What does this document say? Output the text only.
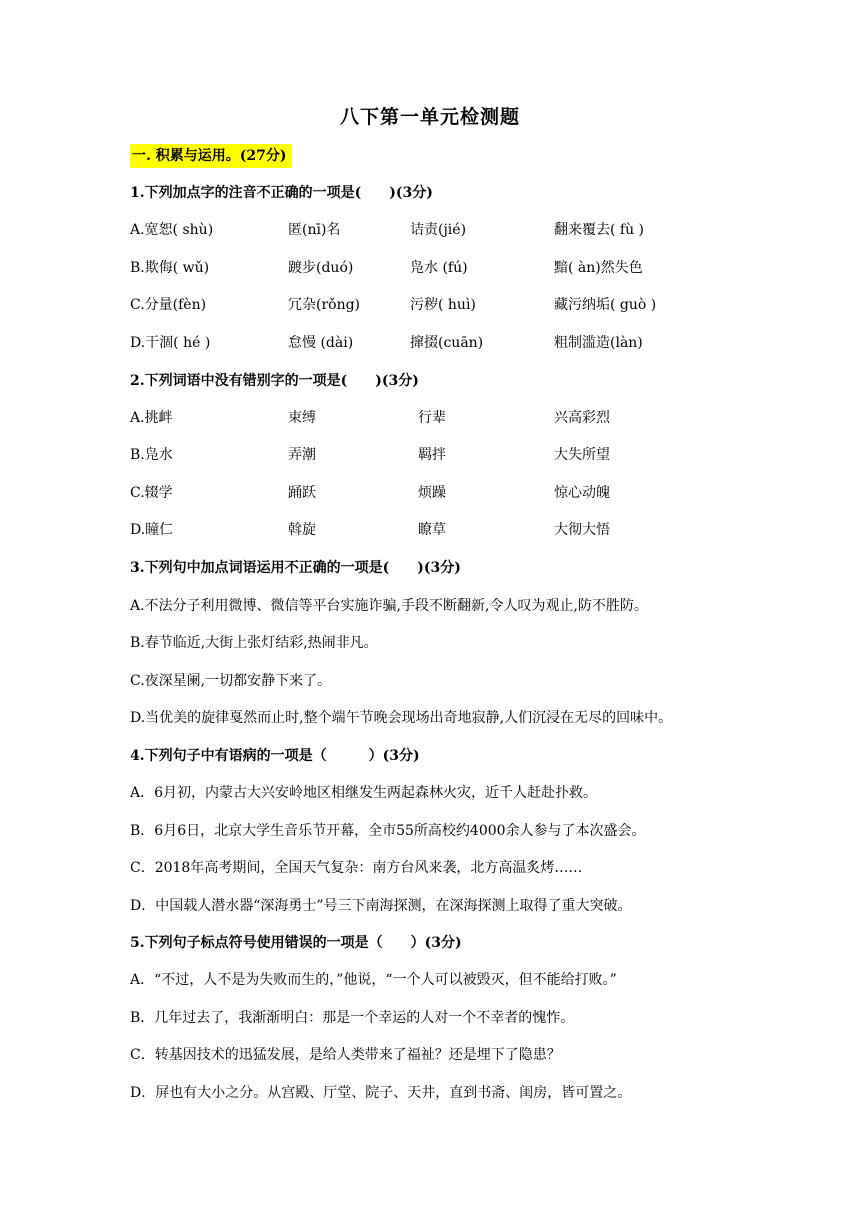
八下第一单元检测题
一. 积累与运用。(27分)
1.下列加点字的注音不正确的一项是(　　)(3分)
A.宽恕( shù)	匿(nī)名	诘责(jié)	翻来覆去( fù )
B.欺侮( wǔ)	踱步(duó)	凫水 (fú)	黯( àn)然失色
C.分量(fèn)	冗杂(rǒng)	污秽( huì)	藏污纳垢( guò )
D.干涸( hé )	怠慢 (dài)	撺掇(cuān)	粗制滥造(làn)
2.下列词语中没有错别字的一项是(　　)(3分)
A.挑衅	束缚	行辈	兴高彩烈
B.凫水	弄潮	羁拌	大失所望
C.辍学	踊跃	烦躁	惊心动魄
D.瞳仁	斡旋	瞭草	大彻大悟
3.下列句中加点词语运用不正确的一项是(　　)(3分)
A.不法分子利用微博、微信等平台实施诈骗,手段不断翻新,令人叹为观止,防不胜防。
B.春节临近,大街上张灯结彩,热闹非凡。
C.夜深星阑,一切都安静下来了。
D.当优美的旋律戛然而止时,整个端午节晚会现场出奇地寂静,人们沉浸在无尽的回味中。
4.下列句子中有语病的一项是（　　　）(3分)
A．6月初，内蒙古大兴安岭地区相继发生两起森林火灾，近千人赶赴扑救。
B．6月6日，北京大学生音乐节开幕，全市55所高校约4000余人参与了本次盛会。
C．2018年高考期间，全国天气复杂：南方台风来袭，北方高温炙烤……
D．中国载人潜水器“深海勇士”号三下南海探测，在深海探测上取得了重大突破。
5.下列句子标点符号使用错误的一项是（　　）(3分)
A．“不过，人不是为失败而生的，”他说，“一个人可以被毁灭，但不能给打败。”
B．几年过去了，我渐渐明白：那是一个幸运的人对一个不幸者的愧怍。
C．转基因技术的迅猛发展，是给人类带来了福祉？还是埋下了隐患？
D．屏也有大小之分。从宫殿、厅堂、院子、天井，直到书斋、闺房，皆可置之。
